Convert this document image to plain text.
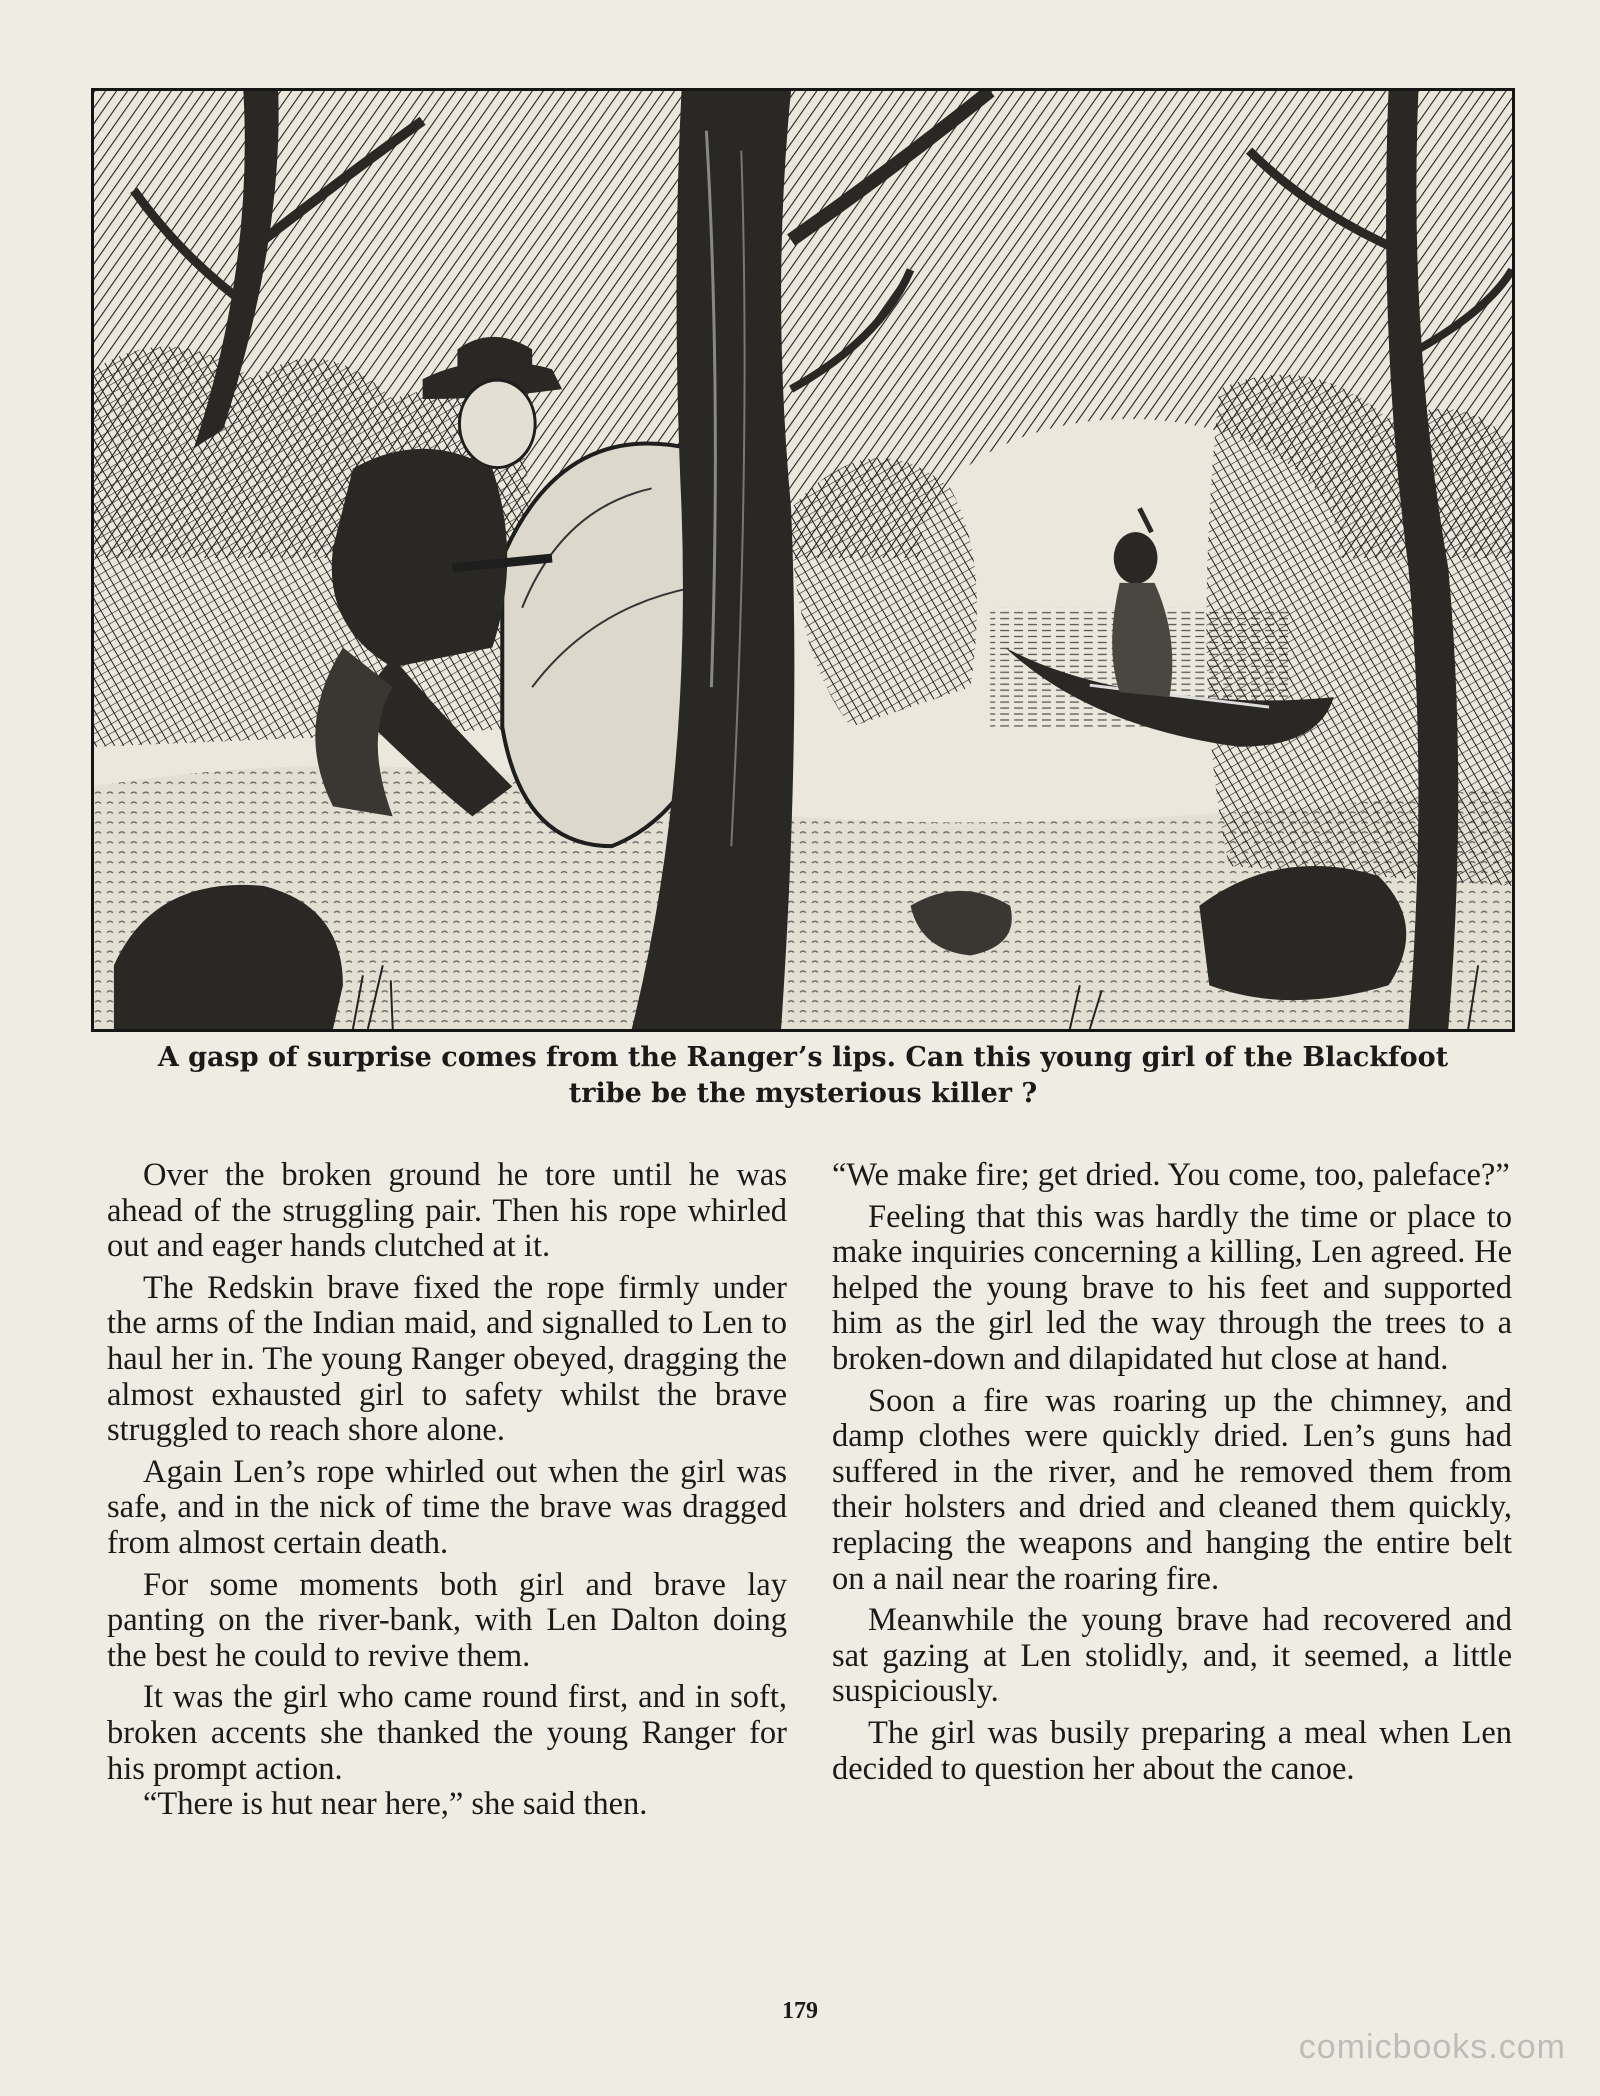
A gasp of surprise comes from the Ranger’s lips. Can this young girl of the Blackfoot
tribe be the mysterious killer ?

Over the broken ground he tore until he was ahead of the struggling pair. Then his rope whirled out and eager hands clutched at it.

The Redskin brave fixed the rope firmly under the arms of the Indian maid, and signalled to Len to haul her in. The young Ranger obeyed, dragging the almost exhausted girl to safety whilst the brave struggled to reach shore alone.

Again Len’s rope whirled out when the girl was safe, and in the nick of time the brave was dragged from almost certain death.

For some moments both girl and brave lay panting on the river-bank, with Len Dalton doing the best he could to revive them.

It was the girl who came round first, and in soft, broken accents she thanked the young Ranger for his prompt action.

“There is hut near here,” she said then.

“We make fire; get dried. You come, too, paleface?”

Feeling that this was hardly the time or place to make inquiries concerning a killing, Len agreed. He helped the young brave to his feet and supported him as the girl led the way through the trees to a broken-down and dilapidated hut close at hand.

Soon a fire was roaring up the chimney, and damp clothes were quickly dried. Len’s guns had suffered in the river, and he removed them from their holsters and dried and cleaned them quickly, replacing the weapons and hanging the entire belt on a nail near the roaring fire.

Meanwhile the young brave had recovered and sat gazing at Len stolidly, and, it seemed, a little suspiciously.

The girl was busily preparing a meal when Len decided to question her about the canoe.

179
comicbooks.com
